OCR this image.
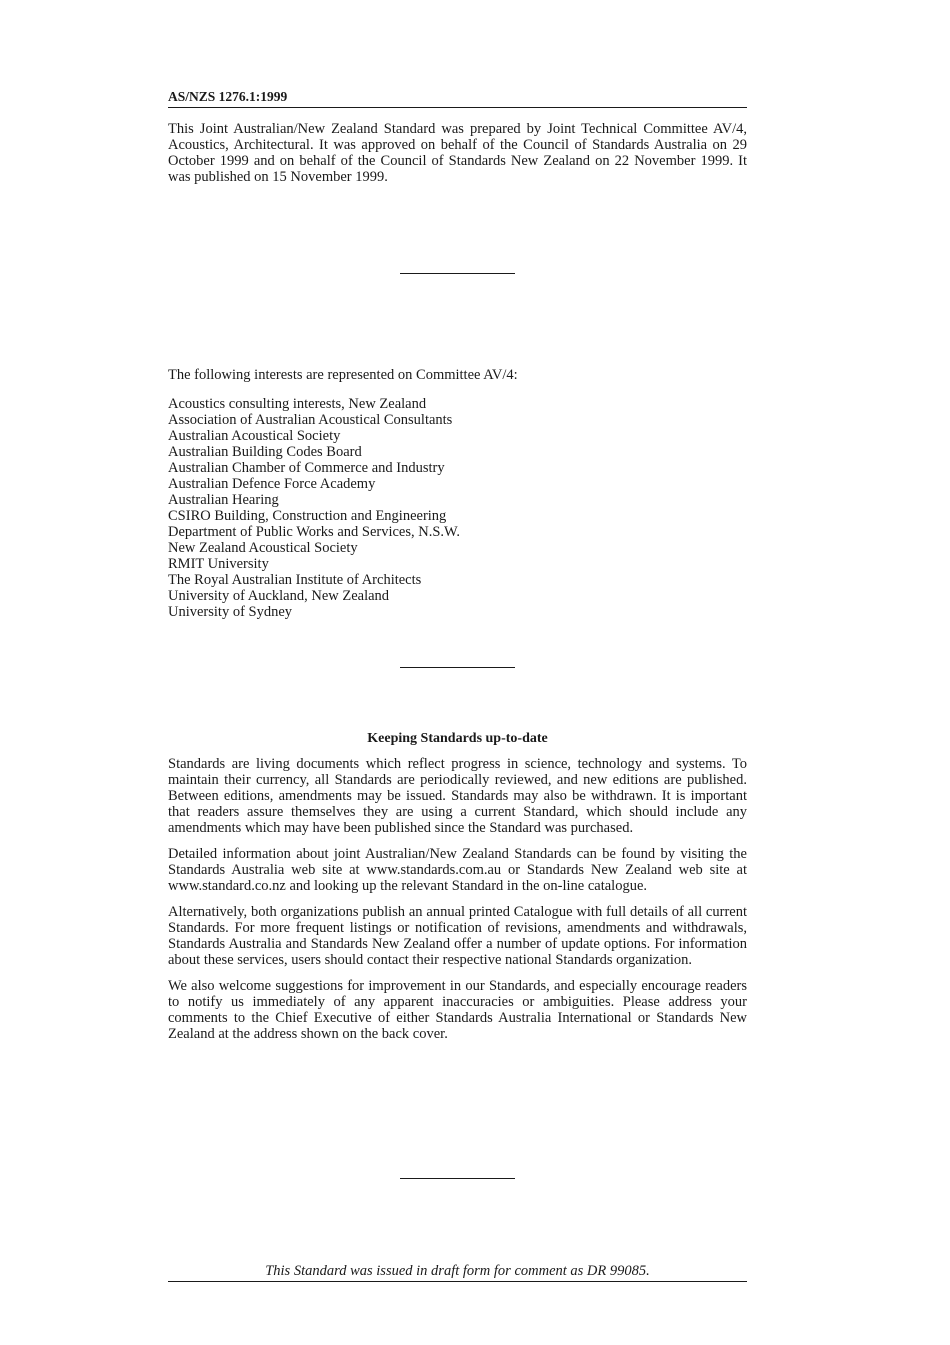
AS/NZS 1276.1:1999

This Joint Australian/New Zealand Standard was prepared by Joint Technical Committee AV/4, Acoustics, Architectural. It was approved on behalf of the Council of Standards Australia on 29 October 1999 and on behalf of the Council of Standards New Zealand on 22 November 1999. It was published on 15 November 1999.

The following interests are represented on Committee AV/4:

Acoustics consulting interests, New Zealand
Association of Australian Acoustical Consultants
Australian Acoustical Society
Australian Building Codes Board
Australian Chamber of Commerce and Industry
Australian Defence Force Academy
Australian Hearing
CSIRO Building, Construction and Engineering
Department of Public Works and Services, N.S.W.
New Zealand Acoustical Society
RMIT University
The Royal Australian Institute of Architects
University of Auckland, New Zealand
University of Sydney
Keeping Standards up-to-date

Standards are living documents which reflect progress in science, technology and systems. To maintain their currency, all Standards are periodically reviewed, and new editions are published. Between editions, amendments may be issued. Standards may also be withdrawn. It is important that readers assure themselves they are using a current Standard, which should include any amendments which may have been published since the Standard was purchased.

Detailed information about joint Australian/New Zealand Standards can be found by visiting the Standards Australia web site at www.standards.com.au or Standards New Zealand web site at www.standard.co.nz and looking up the relevant Standard in the on-line catalogue.

Alternatively, both organizations publish an annual printed Catalogue with full details of all current Standards. For more frequent listings or notification of revisions, amendments and withdrawals, Standards Australia and Standards New Zealand offer a number of update options. For information about these services, users should contact their respective national Standards organization.

We also welcome suggestions for improvement in our Standards, and especially encourage readers to notify us immediately of any apparent inaccuracies or ambiguities. Please address your comments to the Chief Executive of either Standards Australia International or Standards New Zealand at the address shown on the back cover.

This Standard was issued in draft form for comment as DR 99085.
